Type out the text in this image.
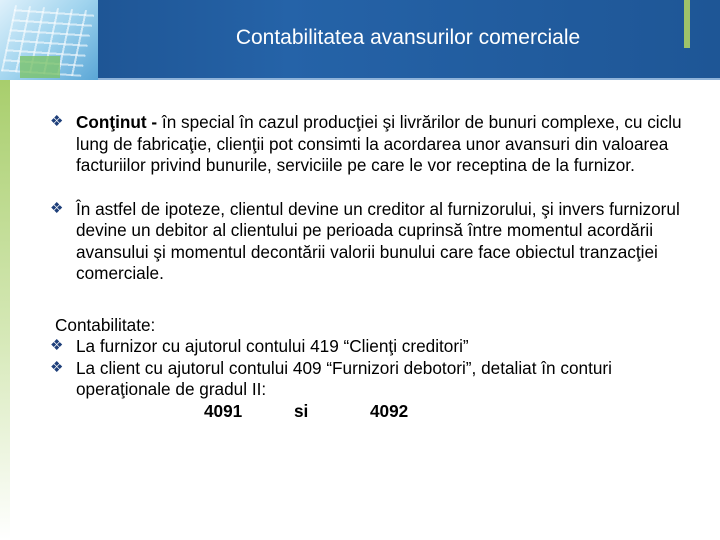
Contabilitatea avansurilor comerciale
❖ Conţinut - în special în cazul producţiei şi livrărilor de bunuri complexe, cu ciclu lung de fabricaţie, clienţii pot consimti la acordarea unor avansuri din valoarea facturiilor privind bunurile, serviciile pe care le vor receptina de la furnizor.
❖ În astfel de ipoteze, clientul devine un creditor al furnizorului, şi invers furnizorul devine un debitor al clientului pe perioada cuprinsă între momentul acordării avansului şi momentul decontării valorii bunului care face obiectul tranzacţiei comerciale.
Contabilitate:
❖ La furnizor cu ajutorul contului 419 “Clienţi creditori”
❖ La client cu ajutorul contului 409 “Furnizori debotori”, detaliat în conturi operaţionale de gradul II:
4091	si	4092
